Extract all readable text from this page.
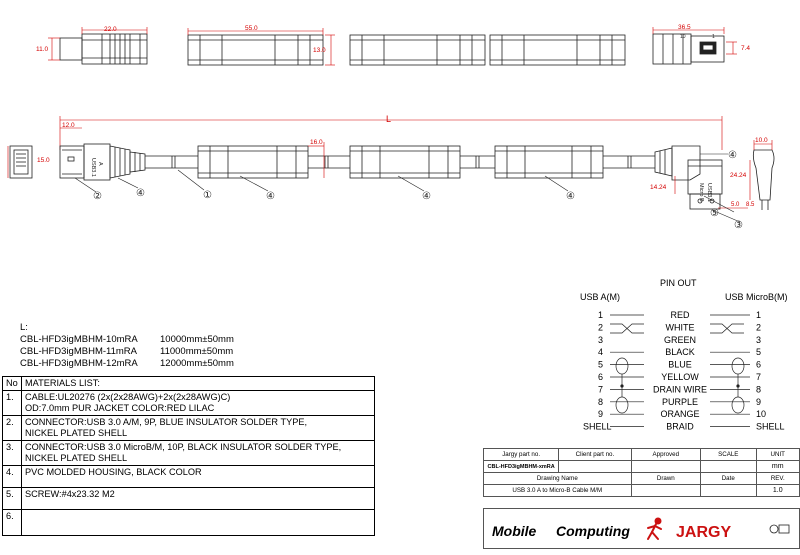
22.0
11.0
55.0
13.0
36.5
10	1
7.4
L
12.0
15.0	USB3.1 A
16.0
Micro B USB3.1
10.0
24.24
14.24
5.0 8.5
②	④	①	④	④	④
④
⑤
③
L:
CBL-HFD3igMBHM-10mRA 10000mm±50mm
CBL-HFD3igMBHM-11mRA 11000mm±50mm
CBL-HFD3igMBHM-12mRA 12000mm±50mm
No	MATERIALS LIST:
1.	CABLE:UL20276 (2x(2x28AWG)+2x(2x28AWG)C)
OD:7.0mm PUR JACKET COLOR:RED LILAC
2.	CONNECTOR:USB 3.0 A/M, 9P, BLUE INSULATOR SOLDER TYPE,
NICKEL PLATED SHELL
3.	CONNECTOR:USB 3.0 MicroB/M, 10P, BLACK INSULATOR SOLDER TYPE,
NICKEL PLATED SHELL
4.	PVC MOLDED HOUSING, BLACK COLOR
5.	SCREW:#4x23.32 M2
6.	
PIN OUT
USB A(M)	USB MicroB(M)
1	RED	1
2	WHITE	2
3	GREEN	3
4	BLACK	5
5	BLUE	6
6	YELLOW	7
7	DRAIN WIRE	8
8	PURPLE	9
9	ORANGE	10
SHELL	BRAID	SHELL
Jargy part no.	Client part no.	Approved	SCALE	UNIT
CBL-HFD3igMBHM-xmRA				mm
Drawing Name		Drawn	Date	REV.
USB 3.0 A to Micro-B Cable M/M				1.0
Mobile Computing	JARGY
